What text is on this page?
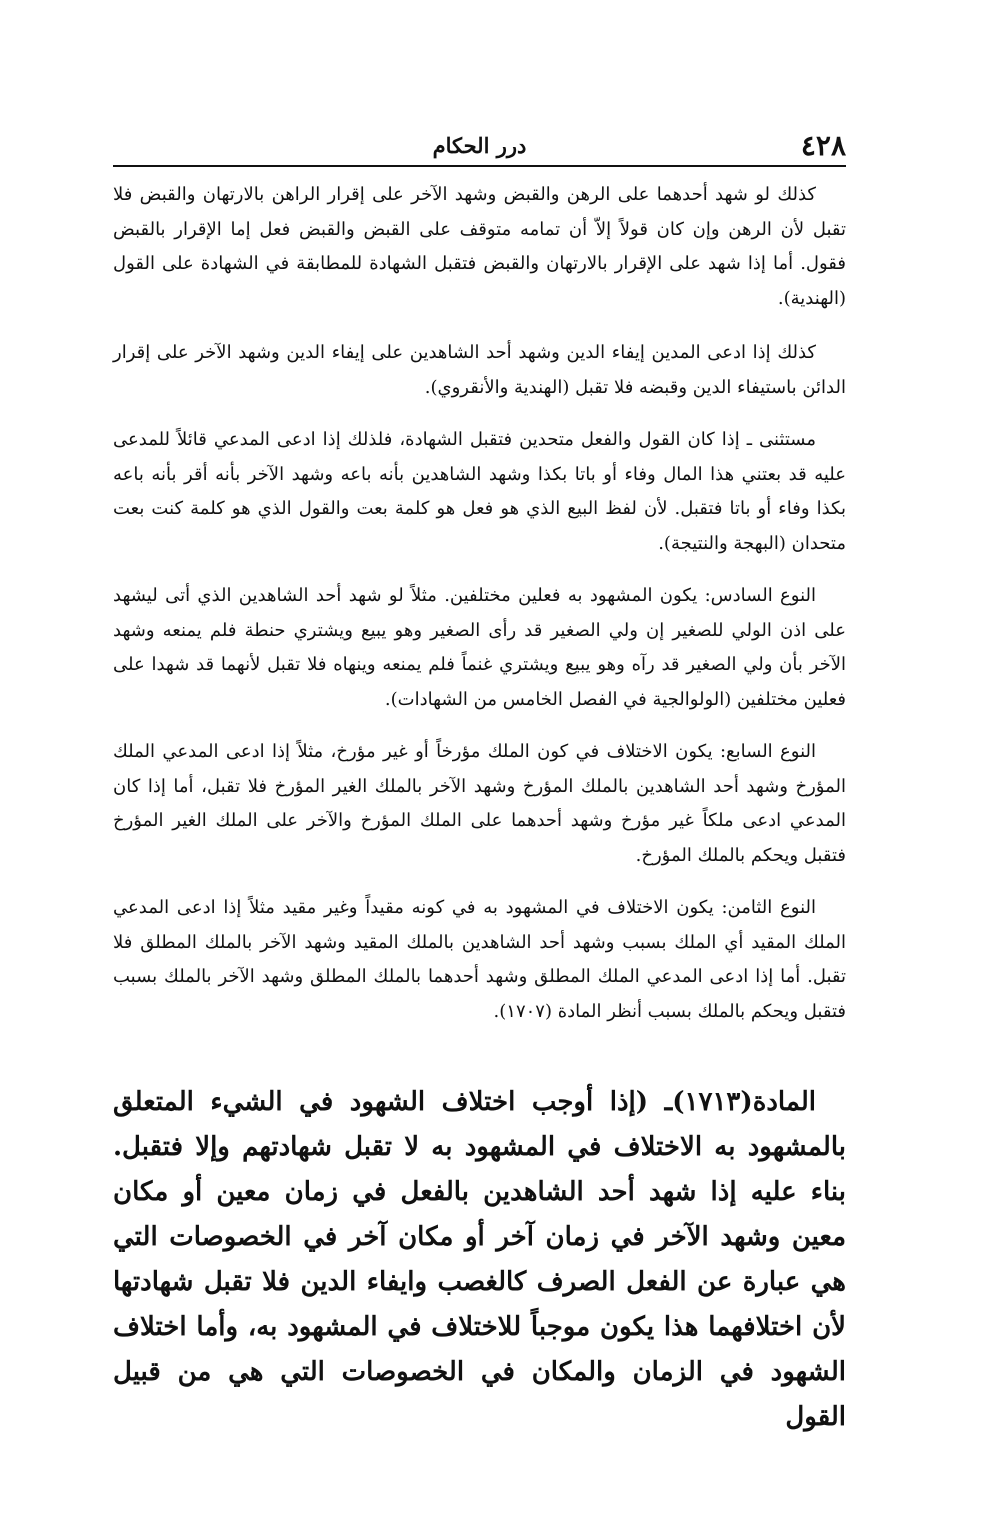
٤٢٨
درر الحكام

كذلك لو شهد أحدهما على الرهن والقبض وشهد الآخر على إقرار الراهن بالارتهان والقبض فلا تقبل لأن الرهن وإن كان قولاً إلاّ أن تمامه متوقف على القبض والقبض فعل إما الإقرار بالقبض فقول. أما إذا شهد على الإقرار بالارتهان والقبض فتقبل الشهادة للمطابقة في الشهادة على القول (الهندية).

كذلك إذا ادعى المدين إيفاء الدين وشهد أحد الشاهدين على إيفاء الدين وشهد الآخر على إقرار الدائن باستيفاء الدين وقبضه فلا تقبل (الهندية والأنقروي).

مستثنى ـ إذا كان القول والفعل متحدين فتقبل الشهادة، فلذلك إذا ادعى المدعي قائلاً للمدعى عليه قد بعتني هذا المال وفاء أو باتا بكذا وشهد الشاهدين بأنه باعه وشهد الآخر بأنه أقر بأنه باعه بكذا وفاء أو باتا فتقبل. لأن لفظ البيع الذي هو فعل هو كلمة بعت والقول الذي هو كلمة كنت بعت متحدان (البهجة والنتيجة).

النوع السادس: يكون المشهود به فعلين مختلفين. مثلاً لو شهد أحد الشاهدين الذي أتى ليشهد على اذن الولي للصغير إن ولي الصغير قد رأى الصغير وهو يبيع ويشتري حنطة فلم يمنعه وشهد الآخر بأن ولي الصغير قد رآه وهو يبيع ويشتري غنماً فلم يمنعه وينهاه فلا تقبل لأنهما قد شهدا على فعلين مختلفين (الولوالجية في الفصل الخامس من الشهادات).

النوع السابع: يكون الاختلاف في كون الملك مؤرخاً أو غير مؤرخ، مثلاً إذا ادعى المدعي الملك المؤرخ وشهد أحد الشاهدين بالملك المؤرخ وشهد الآخر بالملك الغير المؤرخ فلا تقبل، أما إذا كان المدعي ادعى ملكاً غير مؤرخ وشهد أحدهما على الملك المؤرخ والآخر على الملك الغير المؤرخ فتقبل ويحكم بالملك المؤرخ.

النوع الثامن: يكون الاختلاف في المشهود به في كونه مقيداً وغير مقيد مثلاً إذا ادعى المدعي الملك المقيد أي الملك بسبب وشهد أحد الشاهدين بالملك المقيد وشهد الآخر بالملك المطلق فلا تقبل. أما إذا ادعى المدعي الملك المطلق وشهد أحدهما بالملك المطلق وشهد الآخر بالملك بسبب فتقبل ويحكم بالملك بسبب أنظر المادة (١٧٠٧).

المادة(١٧١٣)ـ (إذا أوجب اختلاف الشهود في الشيء المتعلق بالمشهود به الاختلاف في المشهود به لا تقبل شهادتهم وإلا فتقبل. بناء عليه إذا شهد أحد الشاهدين بالفعل في زمان معين أو مكان معين وشهد الآخر في زمان آخر أو مكان آخر في الخصوصات التي هي عبارة عن الفعل الصرف كالغصب وايفاء الدين فلا تقبل شهادتها لأن اختلافهما هذا يكون موجباً للاختلاف في المشهود به، وأما اختلاف الشهود في الزمان والمكان في الخصوصات التي هي من قبيل القول
